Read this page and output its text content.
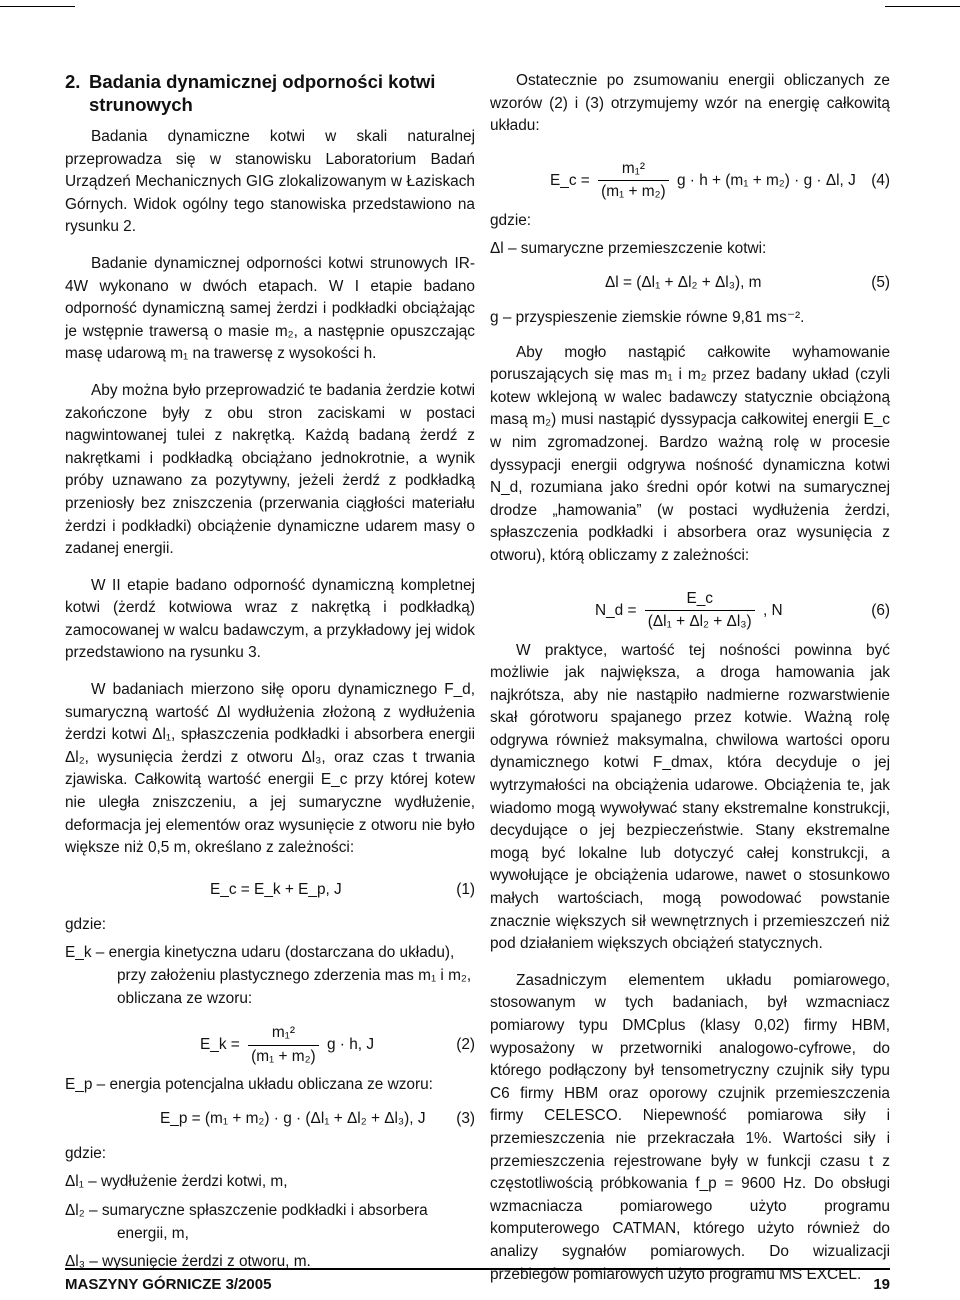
2. Badania dynamicznej odporności kotwi
strunowych

Badania dynamiczne kotwi w skali naturalnej przeprowadza się w stanowisku Laboratorium Badań Urządzeń Mechanicznych GIG zlokalizowanym w Łaziskach Górnych. Widok ogólny tego stanowiska przedstawiono na rysunku 2.

Badanie dynamicznej odporności kotwi strunowych IR-4W wykonano w dwóch etapach. W I etapie badano odporność dynamiczną samej żerdzi i podkładki obciążając je wstępnie trawersą o masie m₂, a następnie opuszczając masę udarową m₁ na trawersę z wysokości h.

Aby można było przeprowadzić te badania żerdzie kotwi zakończone były z obu stron zaciskami w postaci nagwintowanej tulei z nakrętką. Każdą badaną żerdź z nakrętkami i podkładką obciążano jednokrotnie, a wynik próby uznawano za pozytywny, jeżeli żerdź z podkładką przeniosły bez zniszczenia (przerwania ciągłości materiału żerdzi i podkładki) obciążenie dynamiczne udarem masy o zadanej energii.

W II etapie badano odporność dynamiczną kompletnej kotwi (żerdź kotwiowa wraz z nakrętką i podkładką) zamocowanej w walcu badawczym, a przykładowy jej widok przedstawiono na rysunku 3.

W badaniach mierzono siłę oporu dynamicznego F_d, sumaryczną wartość Δl wydłużenia złożoną z wydłużenia żerdzi kotwi Δl₁, spłaszczenia podkładki i absorbera energii Δl₂, wysunięcia żerdzi z otworu Δl₃, oraz czas t trwania zjawiska. Całkowitą wartość energii E_c przy której kotew nie uległa zniszczeniu, a jej sumaryczne wydłużenie, deformacja jej elementów oraz wysunięcie z otworu nie było większe niż 0,5 m, określano z zależności:

E_c = E_k + E_p, J	(1)
gdzie:
E_k – energia kinetyczna udaru (dostarczana do układu), przy założeniu plastycznego zderzenia mas m₁ i m₂, obliczana ze wzoru:
E_k = $\frac{\text{m₁²}}{\text{(m₁ + m₂)}}$ g · h, J	(2)
E_p – energia potencjalna układu obliczana ze wzoru:
E_p = (m₁ + m₂) · g · (Δl₁ + Δl₂ + Δl₃), J (3)
gdzie:
Δl₁ – wydłużenie żerdzi kotwi, m,
Δl₂ – sumaryczne spłaszczenie podkładki i absorbera energii, m,
Δl₃ – wysunięcie żerdzi z otworu, m.

Ostatecznie po zsumowaniu energii obliczanych ze wzorów (2) i (3) otrzymujemy wzór na energię całkowitą układu:

E_c = $\frac{\text{m₁²}}{\text{(m₁ + m₂)}}$ g · h + (m₁ + m₂) · g · Δl, J (4)
gdzie:
Δl – sumaryczne przemieszczenie kotwi:
Δl = (Δl₁ + Δl₂ + Δl₃), m	(5)
g – przyspieszenie ziemskie równe 9,81 ms⁻².

Aby mogło nastąpić całkowite wyhamowanie poruszających się mas m₁ i m₂ przez badany układ (czyli kotew wklejoną w walec badawczy statycznie obciążoną masą m₂) musi nastąpić dyssypacja całkowitej energii E_c w nim zgromadzonej. Bardzo ważną rolę w procesie dyssypacji energii odgrywa nośność dynamiczna kotwi N_d, rozumiana jako średni opór kotwi na sumarycznej drodze „hamowania” (w postaci wydłużenia żerdzi, spłaszczenia podkładki i absorbera oraz wysunięcia z otworu), którą obliczamy z zależności:

N_d = $\frac{E\_c}{\text{(Δl₁ + Δl₂ + Δl₃)}}$ , N	(6)

W praktyce, wartość tej nośności powinna być możliwie jak największa, a droga hamowania jak najkrótsza, aby nie nastąpiło nadmierne rozwarstwienie skał górotworu spajanego przez kotwie. Ważną rolę odgrywa również maksymalna, chwilowa wartości oporu dynamicznego kotwi F_dmax, która decyduje o jej wytrzymałości na obciążenia udarowe. Obciążenia te, jak wiadomo mogą wywoływać stany ekstremalne konstrukcji, decydujące o jej bezpieczeństwie. Stany ekstremalne mogą być lokalne lub dotyczyć całej konstrukcji, a wywołujące je obciążenia udarowe, nawet o stosunkowo małych wartościach, mogą powodować powstanie znacznie większych sił wewnętrznych i przemieszczeń niż pod działaniem większych obciążeń statycznych.

Zasadniczym elementem układu pomiarowego, stosowanym w tych badaniach, był wzmacniacz pomiarowy typu DMCplus (klasy 0,02) firmy HBM, wyposażony w przetworniki analogowo-cyfrowe, do którego podłączony był tensometryczny czujnik siły typu C6 firmy HBM oraz oporowy czujnik przemieszczenia firmy CELESCO. Niepewność pomiarowa siły i przemieszczenia nie przekraczała 1%. Wartości siły i przemieszczenia rejestrowane były w funkcji czasu t z częstotliwością próbkowania f_p = 9600 Hz. Do obsługi wzmacniacza pomiarowego użyto programu komputerowego CATMAN, którego użyto również do analizy sygnałów pomiarowych. Do wizualizacji przebiegów pomiarowych użyto programu MS EXCEL.

MASZYNY GÓRNICZE 3/2005	19
